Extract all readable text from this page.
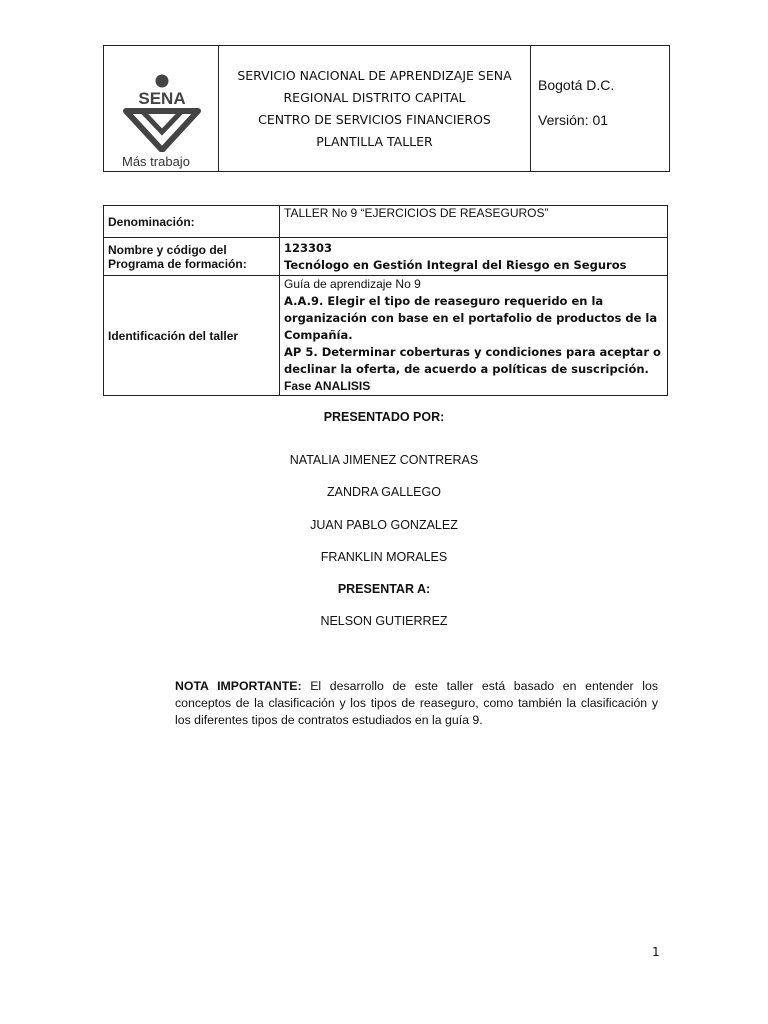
SENA
Más trabajo
SERVICIO NACIONAL DE APRENDIZAJE SENA
REGIONAL DISTRITO CAPITAL
CENTRO DE SERVICIOS FINANCIEROS
PLANTILLA TALLER
Bogotá D.C.
Versión: 01
Denominación:	TALLER No 9 “EJERCICIOS DE REASEGUROS”
Nombre y código del Programa de formación:	123303
Tecnólogo en Gestión Integral del Riesgo en Seguros

Identificación del taller	Guía de aprendizaje No 9
A.A.9. Elegir el tipo de reaseguro requerido en la organización con base en el portafolio de productos de la Compañía.
AP 5. Determinar coberturas y condiciones para aceptar o declinar la oferta, de acuerdo a políticas de suscripción.
Fase ANALISIS
PRESENTADO POR:
NATALIA JIMENEZ CONTRERAS
ZANDRA GALLEGO
JUAN PABLO GONZALEZ
FRANKLIN MORALES
PRESENTAR A:
NELSON GUTIERREZ
NOTA IMPORTANTE: El desarrollo de este taller está basado en entender los conceptos de la clasificación y los tipos de reaseguro, como también la clasificación y los diferentes tipos de contratos estudiados en la guía 9.
1
